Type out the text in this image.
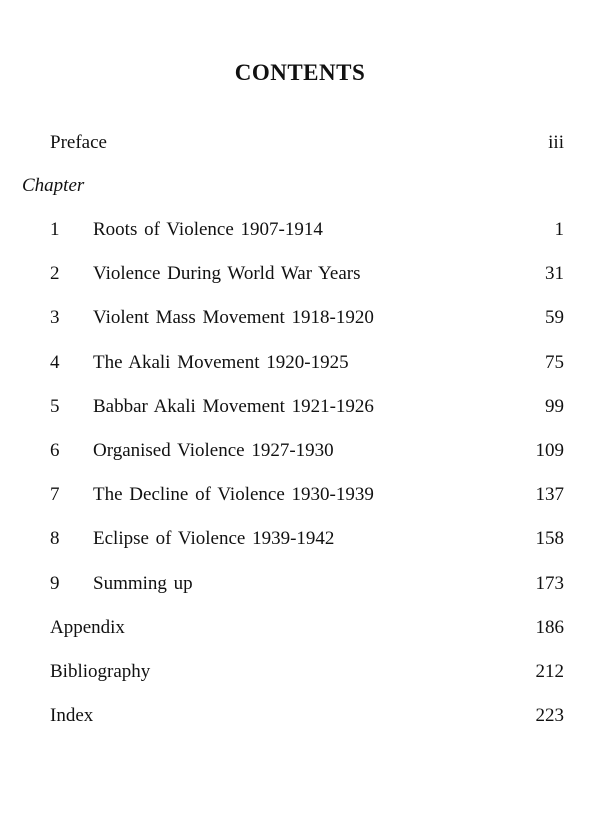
CONTENTS
Preface	iii
Chapter
1 Roots of Violence 1907-1914	1
2 Violence During World War Years	31
3 Violent Mass Movement 1918-1920	59
4 The Akali Movement 1920-1925	75
5 Babbar Akali Movement 1921-1926	99
6 Organised Violence 1927-1930	109
7 The Decline of Violence 1930-1939	137
8 Eclipse of Violence 1939-1942	158
9 Summing up	173
Appendix	186
Bibliography	212
Index	223
